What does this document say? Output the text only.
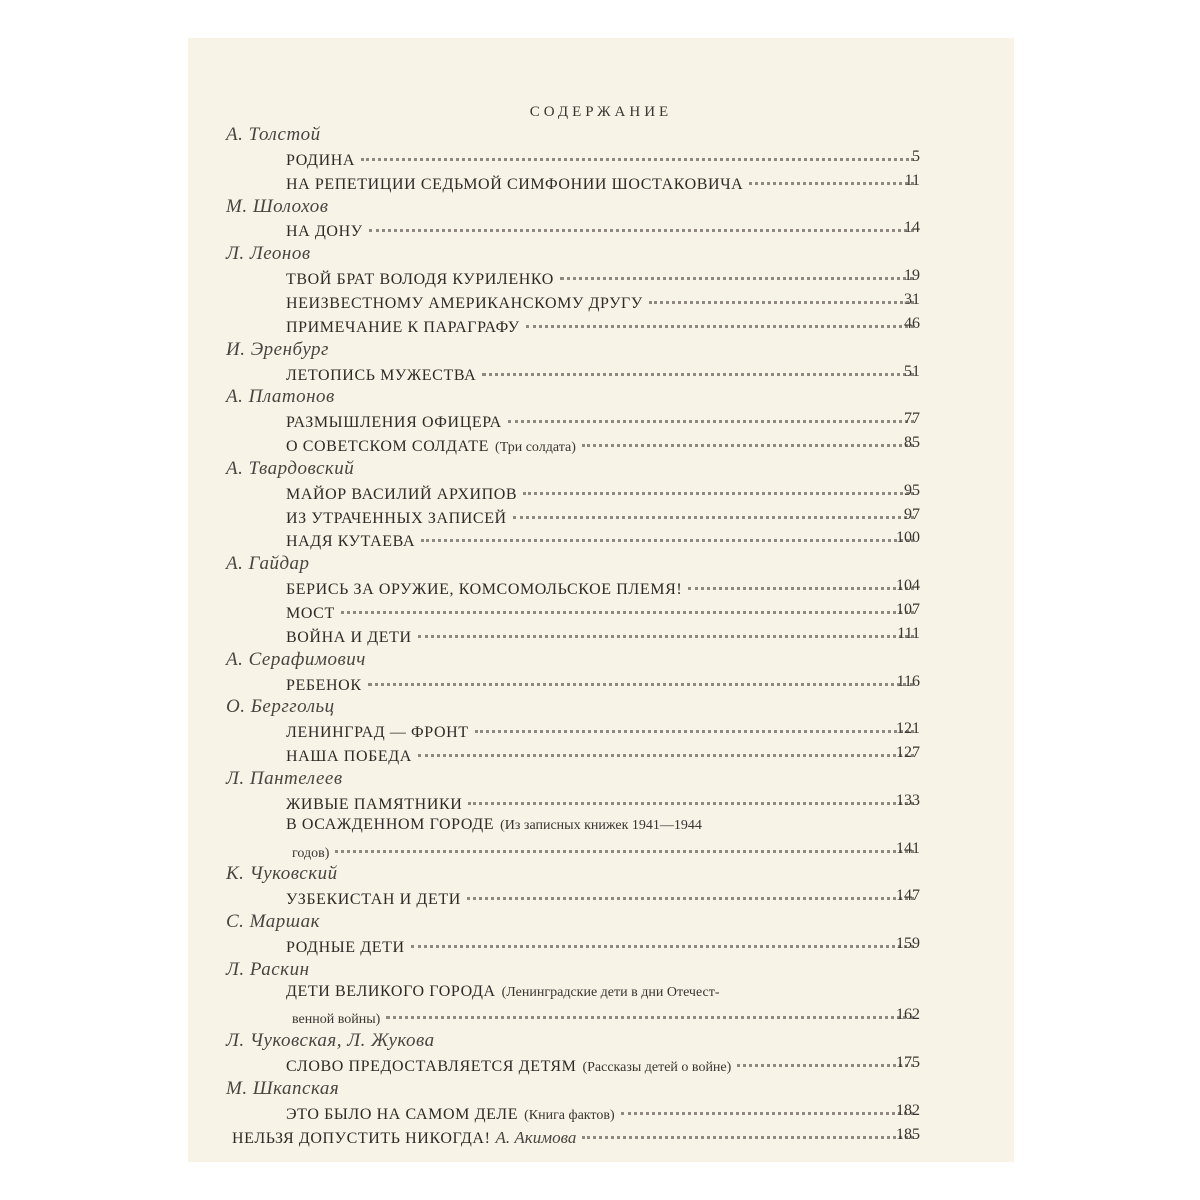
СОДЕРЖАНИЕ
А. Толстой
РОДИНА	5
НА РЕПЕТИЦИИ СЕДЬМОЙ СИМФОНИИ ШОСТАКОВИЧА	11
М. Шолохов
НА ДОНУ	14
Л. Леонов
ТВОЙ БРАТ ВОЛОДЯ КУРИЛЕНКО	19
НЕИЗВЕСТНОМУ АМЕРИКАНСКОМУ ДРУГУ	31
ПРИМЕЧАНИЕ К ПАРАГРАФУ	46
И. Эренбург
ЛЕТОПИСЬ МУЖЕСТВА	51
А. Платонов
РАЗМЫШЛЕНИЯ ОФИЦЕРА	77
О СОВЕТСКОМ СОЛДАТЕ (Три солдата)	85
А. Твардовский
МАЙОР ВАСИЛИЙ АРХИПОВ	95
ИЗ УТРАЧЕННЫХ ЗАПИСЕЙ	97
НАДЯ КУТАЕВА	100
А. Гайдар
БЕРИСЬ ЗА ОРУЖИЕ, КОМСОМОЛЬСКОЕ ПЛЕМЯ!	104
МОСТ	107
ВОЙНА И ДЕТИ	111
А. Серафимович
РЕБЕНОК	116
О. Берггольц
ЛЕНИНГРАД — ФРОНТ	121
НАША ПОБЕДА	127
Л. Пантелеев
ЖИВЫЕ ПАМЯТНИКИ	133
В ОСАЖДЕННОМ ГОРОДЕ (Из записных книжек 1941—1944
годов)	141
К. Чуковский
УЗБЕКИСТАН И ДЕТИ	147
С. Маршак
РОДНЫЕ ДЕТИ	159
Л. Раскин
ДЕТИ ВЕЛИКОГО ГОРОДА (Ленинградские дети в дни Отечест-
венной войны)	162
Л. Чуковская, Л. Жукова
СЛОВО ПРЕДОСТАВЛЯЕТСЯ ДЕТЯМ (Рассказы детей о войне)	175
М. Шкапская
ЭТО БЫЛО НА САМОМ ДЕЛЕ (Книга фактов)	182
НЕЛЬЗЯ ДОПУСТИТЬ НИКОГДА! А. Акимова	185
